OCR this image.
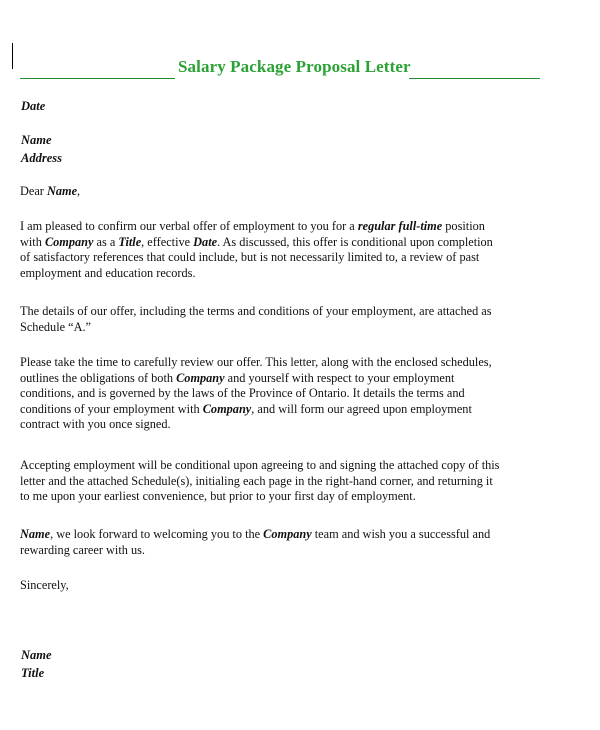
Salary Package Proposal Letter
Date
Name
Address
Dear Name,
I am pleased to confirm our verbal offer of employment to you for a regular full-time position
with Company as a Title, effective Date. As discussed, this offer is conditional upon completion
of satisfactory references that could include, but is not necessarily limited to, a review of past
employment and education records.
The details of our offer, including the terms and conditions of your employment, are attached as
Schedule “A.”
Please take the time to carefully review our offer. This letter, along with the enclosed schedules,
outlines the obligations of both Company and yourself with respect to your employment
conditions, and is governed by the laws of the Province of Ontario. It details the terms and
conditions of your employment with Company, and will form our agreed upon employment
contract with you once signed.
Accepting employment will be conditional upon agreeing to and signing the attached copy of this
letter and the attached Schedule(s), initialing each page in the right-hand corner, and returning it
to me upon your earliest convenience, but prior to your first day of employment.
Name, we look forward to welcoming you to the Company team and wish you a successful and
rewarding career with us.
Sincerely,
Name
Title
